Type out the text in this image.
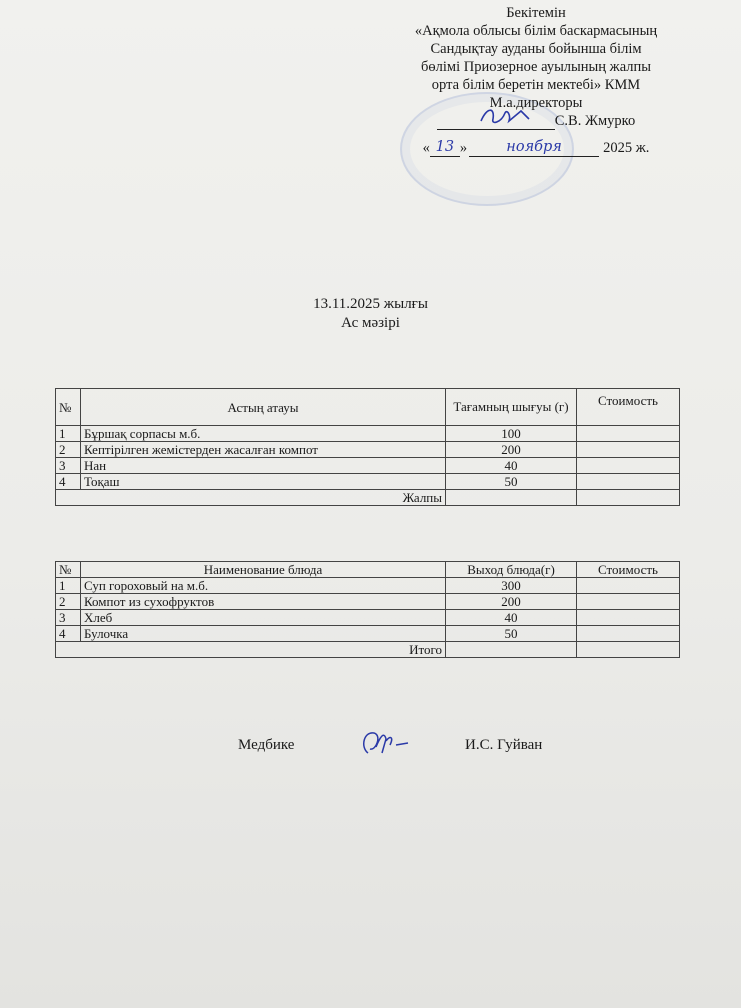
Бекітемін
«Ақмола облысы білім баскармасының
Сандықтау ауданы бойынша білім
бөлімі Приозерное ауылының жалпы
орта білім беретін мектебі» КММ
М.а.директоры
С.В. Жмурко
« 13 »	ноября	2025 ж.
13.11.2025 жылғы
Ас мәзірі
№	Астың атауы	Тағамның шығуы (г)	Стоимость
1	Бұршақ сорпасы м.б.	100	
2	Кептірілген жемістерден жасалған компот	200	
3	Нан	40	
4	Тоқаш	50	
Жалпы			
№	Наименование блюда	Выход блюда(г)	Стоимость
1	Суп гороховый на м.б.	300	
2	Компот из сухофруктов	200	
3	Хлеб	40	
4	Булочка	50	
Итого			
Медбике	И.С. Гуйван
